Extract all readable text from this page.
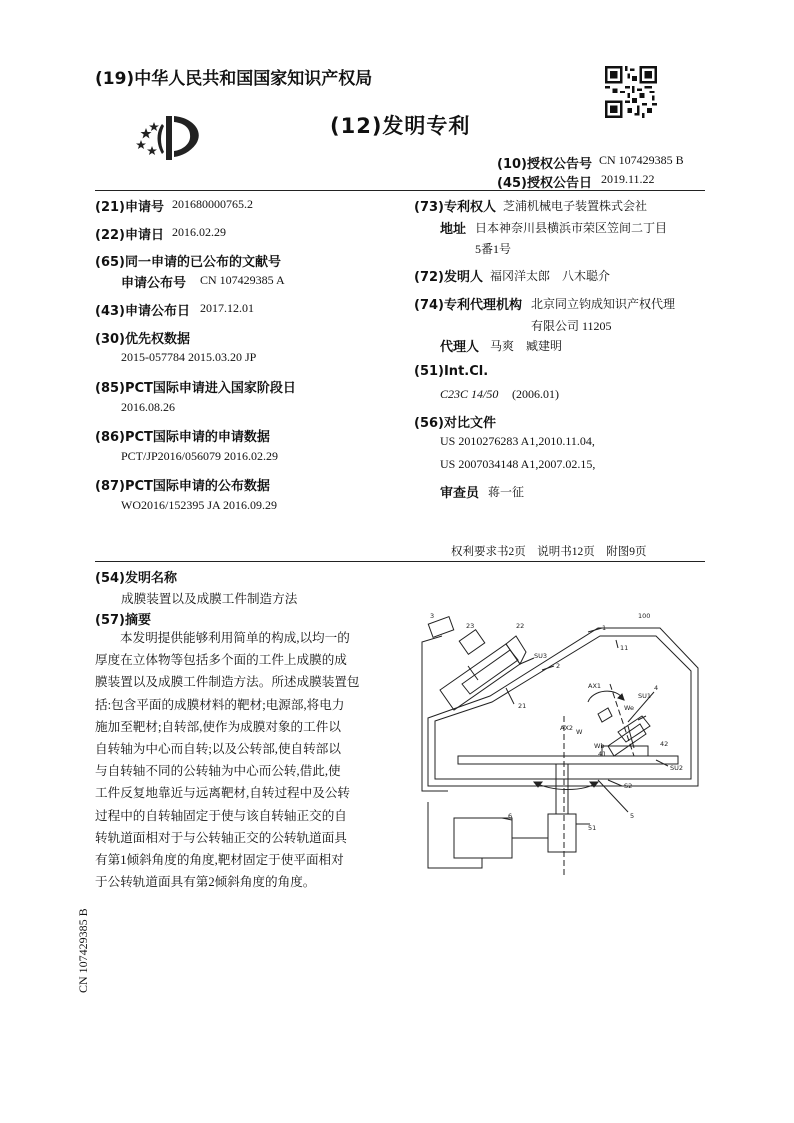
(19)中华人民共和国国家知识产权局
(12)发明专利
(10)授权公告号 CN 107429385 B
(45)授权公告日 2019.11.22
(21)申请号 201680000765.2
(22)申请日 2016.02.29
(65)同一申请的已公布的文献号
申请公布号 CN 107429385 A
(43)申请公布日 2017.12.01
(30)优先权数据
2015-057784 2015.03.20 JP
(85)PCT国际申请进入国家阶段日
2016.08.26
(86)PCT国际申请的申请数据
PCT/JP2016/056079 2016.02.29
(87)PCT国际申请的公布数据
WO2016/152395 JA 2016.09.29
(73)专利权人 芝浦机械电子装置株式会社
地址 日本神奈川县横浜市荣区笠间二丁目
5番1号
(72)发明人 福冈洋太郎　八木聪介
(74)专利代理机构 北京同立钧成知识产权代理
有限公司 11205
代理人 马爽　臧建明
(51)Int.Cl.
C23C 14/50 (2006.01)
(56)对比文件
US 2010276283 A1,2010.11.04,
US 2007034148 A1,2007.02.15,
审查员 蒋一征
权利要求书2页　说明书12页　附图9页
(54)发明名称
成膜装置以及成膜工件制造方法
(57)摘要
本发明提供能够利用简单的构成,以均一的
厚度在立体物等包括多个面的工件上成膜的成
膜装置以及成膜工件制造方法。所述成膜装置包
括:包含平面的成膜材料的靶材;电源部,将电力
施加至靶材;自转部,使作为成膜对象的工件以
自转轴为中心而自转;以及公转部,使自转部以
与自转轴不同的公转轴为中心而公转,借此,使
工件反复地靠近与远离靶材,自转过程中及公转
过程中的自转轴固定于使与该自转轴正交的自
转轨道面相对于与公转轴正交的公转轨道面具
有第1倾斜角度的角度,靶材固定于使平面相对
于公转轨道面具有第2倾斜角度的角度。
3
23	22	1
100
SU3
2
11
21
AX1
SU1
4
We
W
AX2
Wb
41
42
SU2
S2
6
51
5
CN 107429385 B
